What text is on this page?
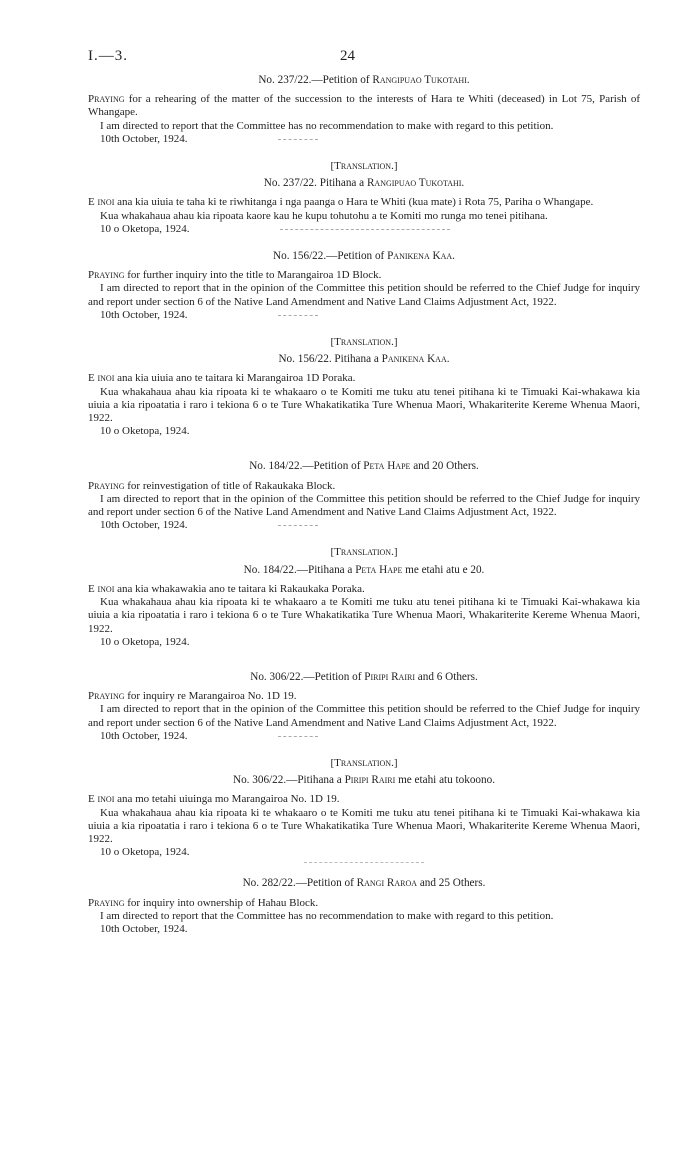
I.—3.	24

No. 237/22.—Petition of Rangipuao Tukotahi.

Praying for a rehearing of the matter of the succession to the interests of Hara te Whiti (deceased) in Lot 75, Parish of Whangape.

I am directed to report that the Committee has no recommendation to make with regard to this petition.

10th October, 1924.

[Translation.]

No. 237/22. Pitihana a Rangipuao Tukotahi.

E inoi ana kia uiuia te taha ki te riwhitanga i nga paanga o Hara te Whiti (kua mate) i Rota 75, Pariha o Whangape.

Kua whakahaua ahau kia ripoata kaore kau he kupu tohutohu a te Komiti mo runga mo tenei pitihana.

10 o Oketopa, 1924.

No. 156/22.—Petition of Panikena Kaa.

Praying for further inquiry into the title to Marangairoa 1D Block.

I am directed to report that in the opinion of the Committee this petition should be referred to the Chief Judge for inquiry and report under section 6 of the Native Land Amendment and Native Land Claims Adjustment Act, 1922.

10th October, 1924.

[Translation.]

No. 156/22. Pitihana a Panikena Kaa.

E inoi ana kia uiuia ano te taitara ki Marangairoa 1D Poraka.

Kua whakahaua ahau kia ripoata ki te whakaaro o te Komiti me tuku atu tenei pitihana ki te Timuaki Kai-whakawa kia uiuia a kia ripoatatia i raro i tekiona 6 o te Ture Whakatikatika Ture Whenua Maori, Whakariterite Kereme Whenua Maori, 1922.

10 o Oketopa, 1924.

No. 184/22.—Petition of Peta Hape and 20 Others.

Praying for reinvestigation of title of Rakaukaka Block.

I am directed to report that in the opinion of the Committee this petition should be referred to the Chief Judge for inquiry and report under section 6 of the Native Land Amendment and Native Land Claims Adjustment Act, 1922.

10th October, 1924.

[Translation.]

No. 184/22.—Pitihana a Peta Hape me etahi atu e 20.

E inoi ana kia whakawakia ano te taitara ki Rakaukaka Poraka.

Kua whakahaua ahau kia ripoata ki te whakaaro a te Komiti me tuku atu tenei pitihana ki te Timuaki Kai-whakawa kia uiuia a kia ripoatatia i raro i tekiona 6 o te Ture Whakatikatika Ture Whenua Maori, Whakariterite Kereme Whenua Maori, 1922.

10 o Oketopa, 1924.

No. 306/22.—Petition of Piripi Rairi and 6 Others.

Praying for inquiry re Marangairoa No. 1D 19.

I am directed to report that in the opinion of the Committee this petition should be referred to the Chief Judge for inquiry and report under section 6 of the Native Land Amendment and Native Land Claims Adjustment Act, 1922.

10th October, 1924.

[Translation.]

No. 306/22.—Pitihana a Piripi Rairi me etahi atu tokoono.

E inoi ana mo tetahi uiuinga mo Marangairoa No. 1D 19.

Kua whakahaua ahau kia ripoata ki te whakaaro o te Komiti me tuku atu tenei pitihana ki te Timuaki Kai-whakawa kia uiuia a kia ripoatatia i raro i tekiona 6 o te Ture Whakatikatika Ture Whenua Maori, Whakariterite Kereme Whenua Maori, 1922.

10 o Oketopa, 1924.

No. 282/22.—Petition of Rangi Raroa and 25 Others.

Praying for inquiry into ownership of Hahau Block.

I am directed to report that the Committee has no recommendation to make with regard to this petition.

10th October, 1924.
